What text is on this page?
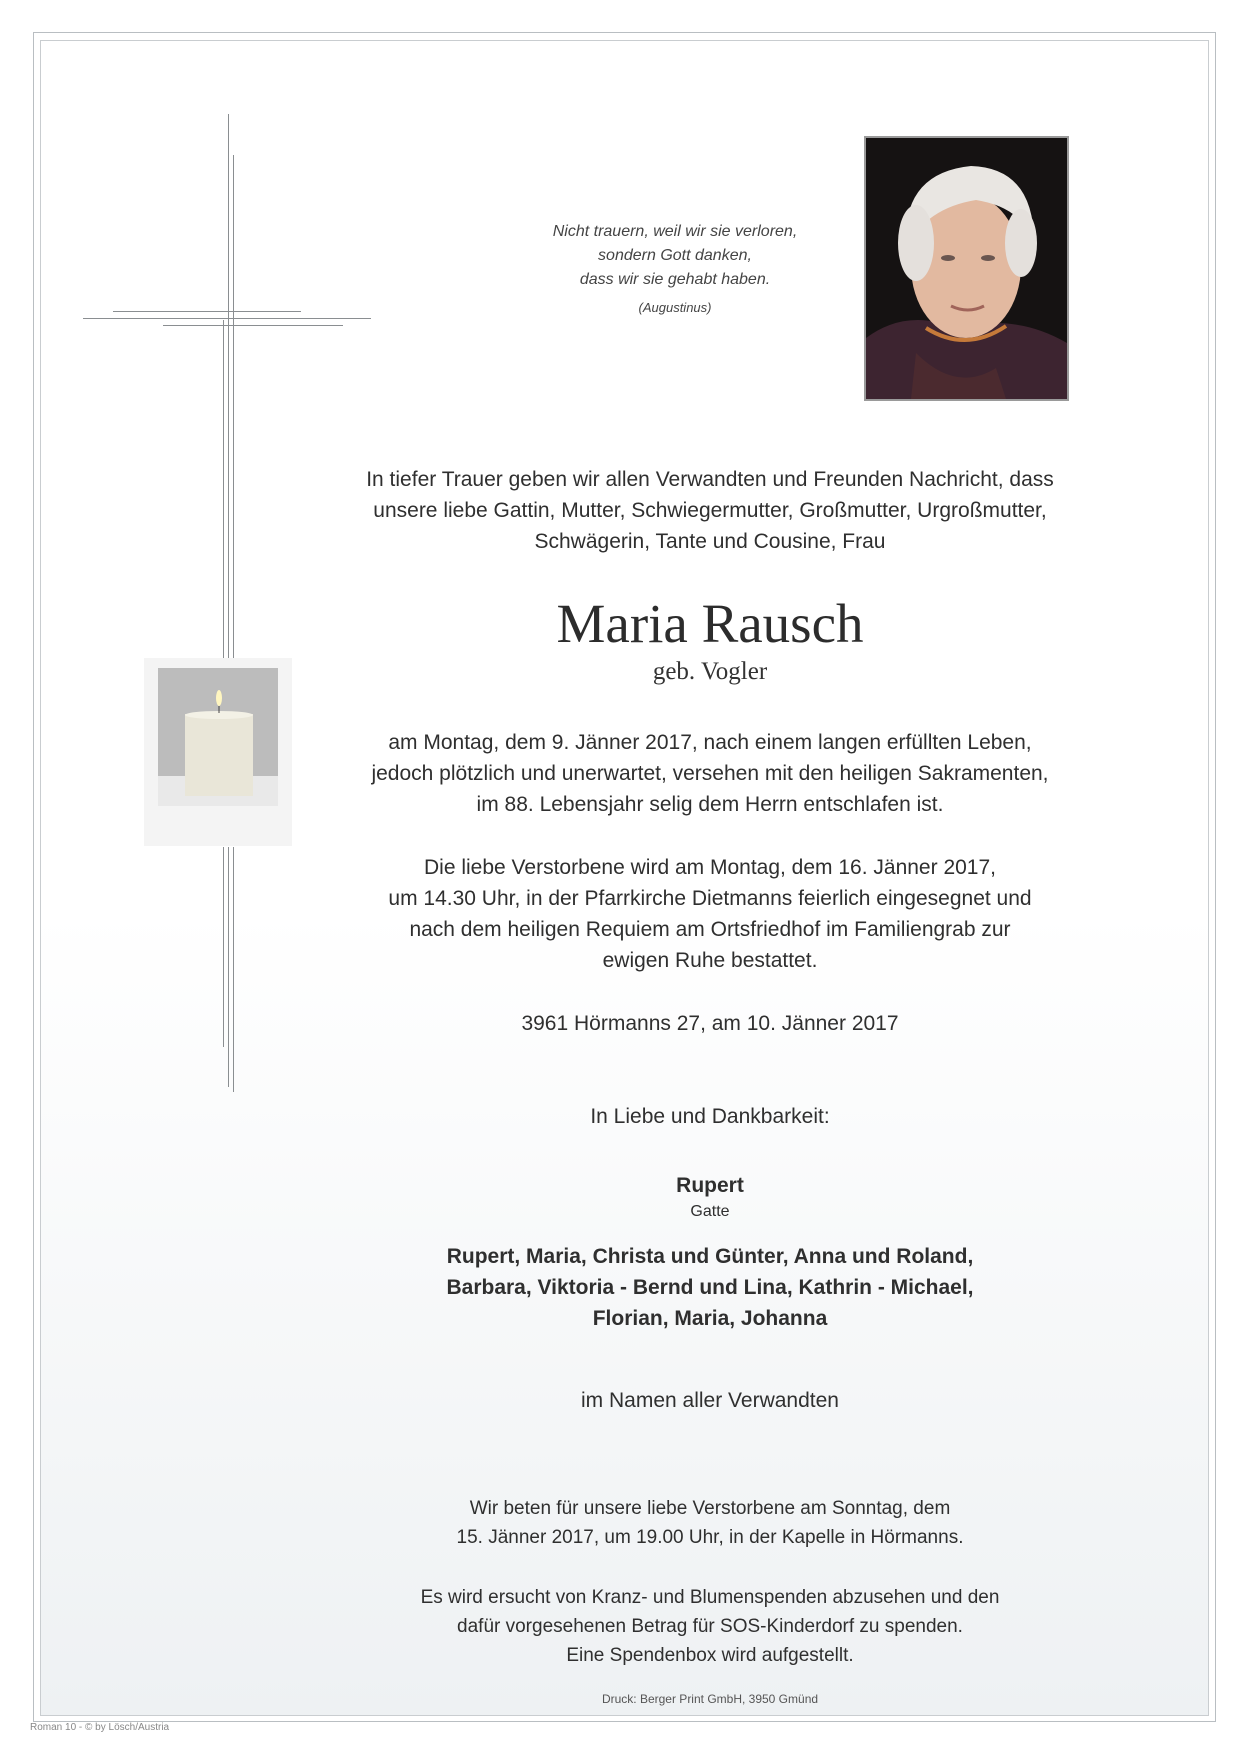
Nicht trauern, weil wir sie verloren,
sondern Gott danken,
dass wir sie gehabt haben.
(Augustinus)
In tiefer Trauer geben wir allen Verwandten und Freunden Nachricht, dass
unsere liebe Gattin, Mutter, Schwiegermutter, Großmutter, Urgroßmutter,
Schwägerin, Tante und Cousine, Frau
Maria Rausch
geb. Vogler
am Montag, dem 9. Jänner 2017, nach einem langen erfüllten Leben,
jedoch plötzlich und unerwartet, versehen mit den heiligen Sakramenten,
im 88. Lebensjahr selig dem Herrn entschlafen ist.
Die liebe Verstorbene wird am Montag, dem 16. Jänner 2017,
um 14.30 Uhr, in der Pfarrkirche Dietmanns feierlich eingesegnet und
nach dem heiligen Requiem am Ortsfriedhof im Familiengrab zur
ewigen Ruhe bestattet.
3961 Hörmanns 27, am 10. Jänner 2017
In Liebe und Dankbarkeit:
Rupert
Gatte
Rupert, Maria, Christa und Günter, Anna und Roland,
Barbara, Viktoria - Bernd und Lina, Kathrin - Michael,
Florian, Maria, Johanna
im Namen aller Verwandten
Wir beten für unsere liebe Verstorbene am Sonntag, dem
15. Jänner 2017, um 19.00 Uhr, in der Kapelle in Hörmanns.
Es wird ersucht von Kranz- und Blumenspenden abzusehen und den
dafür vorgesehenen Betrag für SOS-Kinderdorf zu spenden.
Eine Spendenbox wird aufgestellt.
Druck: Berger Print GmbH, 3950 Gmünd
Roman 10 - © by Lösch/Austria
